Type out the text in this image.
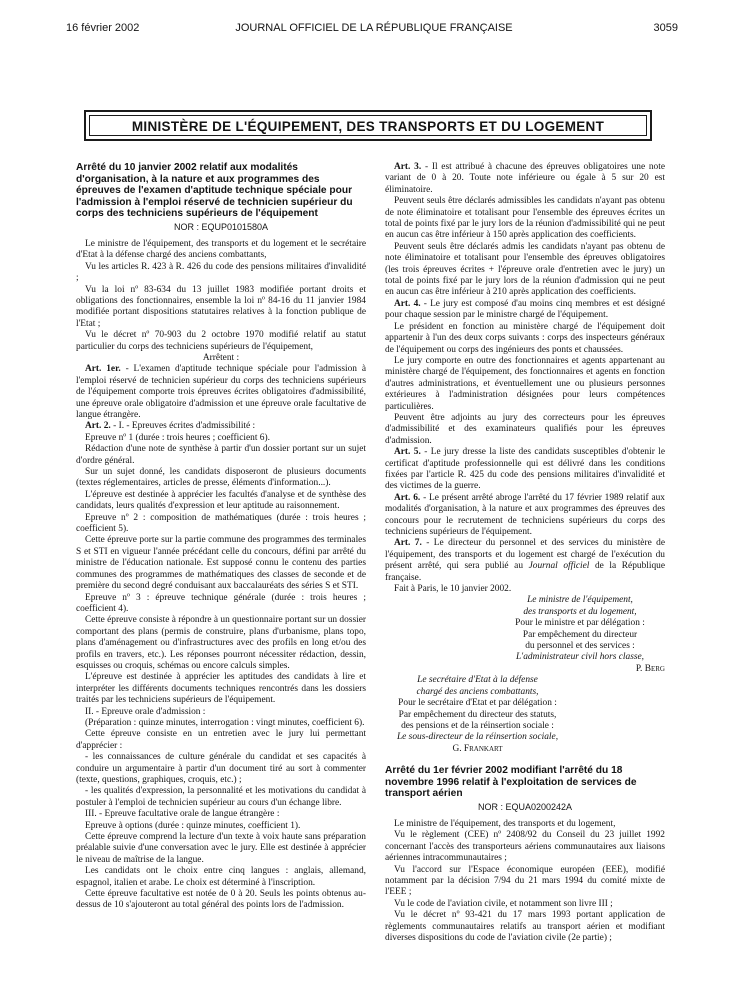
16 février 2002	JOURNAL OFFICIEL DE LA RÉPUBLIQUE FRANÇAISE	3059
MINISTÈRE DE L'ÉQUIPEMENT, DES TRANSPORTS ET DU LOGEMENT
Arrêté du 10 janvier 2002 relatif aux modalités d'organisation, à la nature et aux programmes des épreuves de l'examen d'aptitude technique spéciale pour l'admission à l'emploi réservé de technicien supérieur du corps des techniciens supérieurs de l'équipement
NOR : EQUP0101580A

Le ministre de l'équipement, des transports et du logement et le secrétaire d'Etat à la défense chargé des anciens combattants,

Vu les articles R. 423 à R. 426 du code des pensions militaires d'invalidité ;

Vu la loi nº 83-634 du 13 juillet 1983 modifiée portant droits et obligations des fonctionnaires, ensemble la loi nº 84-16 du 11 janvier 1984 modifiée portant dispositions statutaires relatives à la fonction publique de l'Etat ;

Vu le décret nº 70-903 du 2 octobre 1970 modifié relatif au statut particulier du corps des techniciens supérieurs de l'équipement,

Arrêtent :

Art. 1er. - L'examen d'aptitude technique spéciale pour l'admission à l'emploi réservé de technicien supérieur du corps des techniciens supérieurs de l'équipement comporte trois épreuves écrites obligatoires d'admissibilité, une épreuve orale obligatoire d'admission et une épreuve orale facultative de langue étrangère.

Art. 2. - I. - Epreuves écrites d'admissibilité :

Epreuve nº 1 (durée : trois heures ; coefficient 6).

Rédaction d'une note de synthèse à partir d'un dossier portant sur un sujet d'ordre général.

Sur un sujet donné, les candidats disposeront de plusieurs documents (textes réglementaires, articles de presse, éléments d'information...).

L'épreuve est destinée à apprécier les facultés d'analyse et de synthèse des candidats, leurs qualités d'expression et leur aptitude au raisonnement.

Epreuve nº 2 : composition de mathématiques (durée : trois heures ; coefficient 5).

Cette épreuve porte sur la partie commune des programmes des terminales S et STI en vigueur l'année précédant celle du concours, défini par arrêté du ministre de l'éducation nationale. Est supposé connu le contenu des parties communes des programmes de mathématiques des classes de seconde et de première du second degré conduisant aux baccalauréats des séries S et STI.

Epreuve nº 3 : épreuve technique générale (durée : trois heures ; coefficient 4).

Cette épreuve consiste à répondre à un questionnaire portant sur un dossier comportant des plans (permis de construire, plans d'urbanisme, plans topo, plans d'aménagement ou d'infrastructures avec des profils en long et/ou des profils en travers, etc.). Les réponses pourront nécessiter rédaction, dessin, esquisses ou croquis, schémas ou encore calculs simples.

L'épreuve est destinée à apprécier les aptitudes des candidats à lire et interpréter les différents documents techniques rencontrés dans les dossiers traités par les techniciens supérieurs de l'équipement.

II. - Epreuve orale d'admission :

(Préparation : quinze minutes, interrogation : vingt minutes, coefficient 6).

Cette épreuve consiste en un entretien avec le jury lui permettant d'apprécier :

- les connaissances de culture générale du candidat et ses capacités à conduire un argumentaire à partir d'un document tiré au sort à commenter (texte, questions, graphiques, croquis, etc.) ;

- les qualités d'expression, la personnalité et les motivations du candidat à postuler à l'emploi de technicien supérieur au cours d'un échange libre.

III. - Epreuve facultative orale de langue étrangère :

Epreuve à options (durée : quinze minutes, coefficient 1).

Cette épreuve comprend la lecture d'un texte à voix haute sans préparation préalable suivie d'une conversation avec le jury. Elle est destinée à apprécier le niveau de maîtrise de la langue.

Les candidats ont le choix entre cinq langues : anglais, allemand, espagnol, italien et arabe. Le choix est déterminé à l'inscription.

Cette épreuve facultative est notée de 0 à 20. Seuls les points obtenus au-dessus de 10 s'ajouteront au total général des points lors de l'admission.

Art. 3. - Il est attribué à chacune des épreuves obligatoires une note variant de 0 à 20. Toute note inférieure ou égale à 5 sur 20 est éliminatoire.

Peuvent seuls être déclarés admissibles les candidats n'ayant pas obtenu de note éliminatoire et totalisant pour l'ensemble des épreuves écrites un total de points fixé par le jury lors de la réunion d'admissibilité qui ne peut en aucun cas être inférieur à 150 après application des coefficients.

Peuvent seuls être déclarés admis les candidats n'ayant pas obtenu de note éliminatoire et totalisant pour l'ensemble des épreuves obligatoires (les trois épreuves écrites + l'épreuve orale d'entretien avec le jury) un total de points fixé par le jury lors de la réunion d'admission qui ne peut en aucun cas être inférieur à 210 après application des coefficients.

Art. 4. - Le jury est composé d'au moins cinq membres et est désigné pour chaque session par le ministre chargé de l'équipement.

Le président en fonction au ministère chargé de l'équipement doit appartenir à l'un des deux corps suivants : corps des inspecteurs généraux de l'équipement ou corps des ingénieurs des ponts et chaussées.

Le jury comporte en outre des fonctionnaires et agents appartenant au ministère chargé de l'équipement, des fonctionnaires et agents en fonction d'autres administrations, et éventuellement une ou plusieurs personnes extérieures à l'administration désignées pour leurs compétences particulières.

Peuvent être adjoints au jury des correcteurs pour les épreuves d'admissibilité et des examinateurs qualifiés pour les épreuves d'admission.

Art. 5. - Le jury dresse la liste des candidats susceptibles d'obtenir le certificat d'aptitude professionnelle qui est délivré dans les conditions fixées par l'article R. 425 du code des pensions militaires d'invalidité et des victimes de la guerre.

Art. 6. - Le présent arrêté abroge l'arrêté du 17 février 1989 relatif aux modalités d'organisation, à la nature et aux programmes des épreuves des concours pour le recrutement de techniciens supérieurs du corps des techniciens supérieurs de l'équipement.

Art. 7. - Le directeur du personnel et des services du ministère de l'équipement, des transports et du logement est chargé de l'exécution du présent arrêté, qui sera publié au Journal officiel de la République française.

Fait à Paris, le 10 janvier 2002.

Le ministre de l'équipement,
des transports et du logement,
Pour le ministre et par délégation :
Par empêchement du directeur
du personnel et des services :
L'administrateur civil hors classe,
P. Berg
Le secrétaire d'Etat à la défense
chargé des anciens combattants,
Pour le secrétaire d'Etat et par délégation :
Par empêchement du directeur des statuts,
des pensions et de la réinsertion sociale :
Le sous-directeur de la réinsertion sociale,
G. Frankart
Arrêté du 1er février 2002 modifiant l'arrêté du 18 novembre 1996 relatif à l'exploitation de services de transport aérien
NOR : EQUA0200242A

Le ministre de l'équipement, des transports et du logement,

Vu le règlement (CEE) nº 2408/92 du Conseil du 23 juillet 1992 concernant l'accès des transporteurs aériens communautaires aux liaisons aériennes intracommunautaires ;

Vu l'accord sur l'Espace économique européen (EEE), modifié notamment par la décision 7/94 du 21 mars 1994 du comité mixte de l'EEE ;

Vu le code de l'aviation civile, et notamment son livre III ;

Vu le décret nº 93-421 du 17 mars 1993 portant application de règlements communautaires relatifs au transport aérien et modifiant diverses dispositions du code de l'aviation civile (2e partie) ;
